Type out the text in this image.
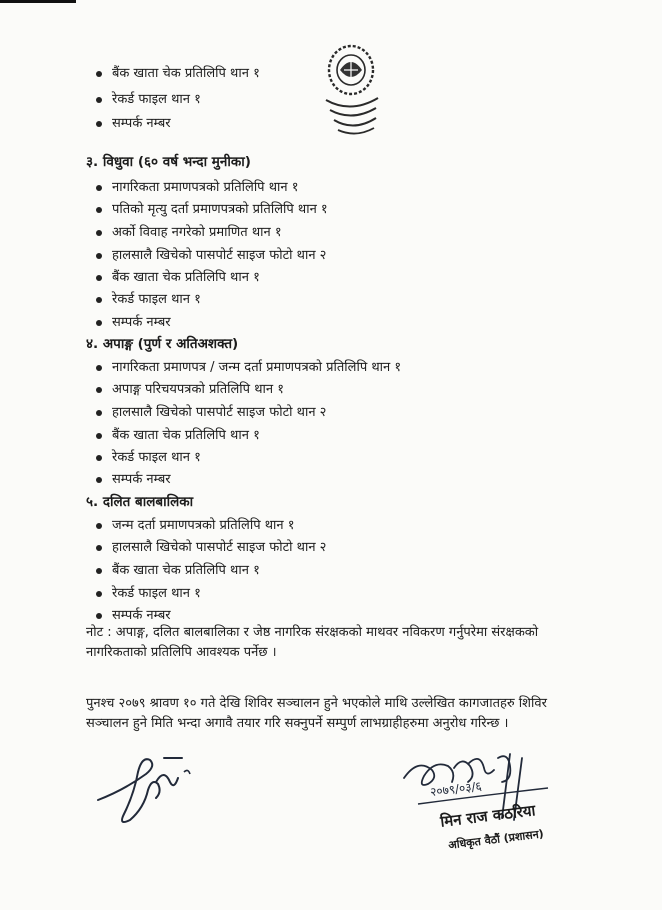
बैंक खाता चेक प्रतिलिपि थान १
रेकर्ड फाइल थान १
सम्पर्क नम्बर
३. विधुवा (६० वर्ष भन्दा मुनीका)
नागरिकता प्रमाणपत्रको प्रतिलिपि थान १
पतिको मृत्यु दर्ता प्रमाणपत्रको प्रतिलिपि थान १
अर्को विवाह नगरेको प्रमाणित थान १
हालसालै खिचेको पासपोर्ट साइज फोटो थान २
बैंक खाता चेक प्रतिलिपि थान १
रेकर्ड फाइल थान १
सम्पर्क नम्बर
४. अपाङ्ग (पुर्ण र अतिअशक्त)
नागरिकता प्रमाणपत्र / जन्म दर्ता प्रमाणपत्रको प्रतिलिपि थान १
अपाङ्ग परिचयपत्रको प्रतिलिपि थान १
हालसालै खिचेको पासपोर्ट साइज फोटो थान २
बैंक खाता चेक प्रतिलिपि थान १
रेकर्ड फाइल थान १
सम्पर्क नम्बर
५. दलित बालबालिका
जन्म दर्ता प्रमाणपत्रको प्रतिलिपि थान १
हालसालै खिचेको पासपोर्ट साइज फोटो थान २
बैंक खाता चेक प्रतिलिपि थान १
रेकर्ड फाइल थान १
सम्पर्क नम्बर
नोट : अपाङ्ग, दलित बालबालिका र जेष्ठ नागरिक संरक्षकको माथवर नविकरण गर्नुपरेमा संरक्षकको नागरिकताको प्रतिलिपि आवश्यक पर्नेछ ।
पुनश्च २०७९ श्रावण १० गते देखि शिविर सञ्चालन हुने भएकोले माथि उल्लेखित कागजातहरु शिविर सञ्चालन हुने मिति भन्दा अगावै तयार गरि सक्नुपर्ने सम्पुर्ण लाभग्राहीहरुमा अनुरोध गरिन्छ ।
मिन राज कठरिया
अधिकृत वैठौं (प्रशासन)
२०७९/०३/६
